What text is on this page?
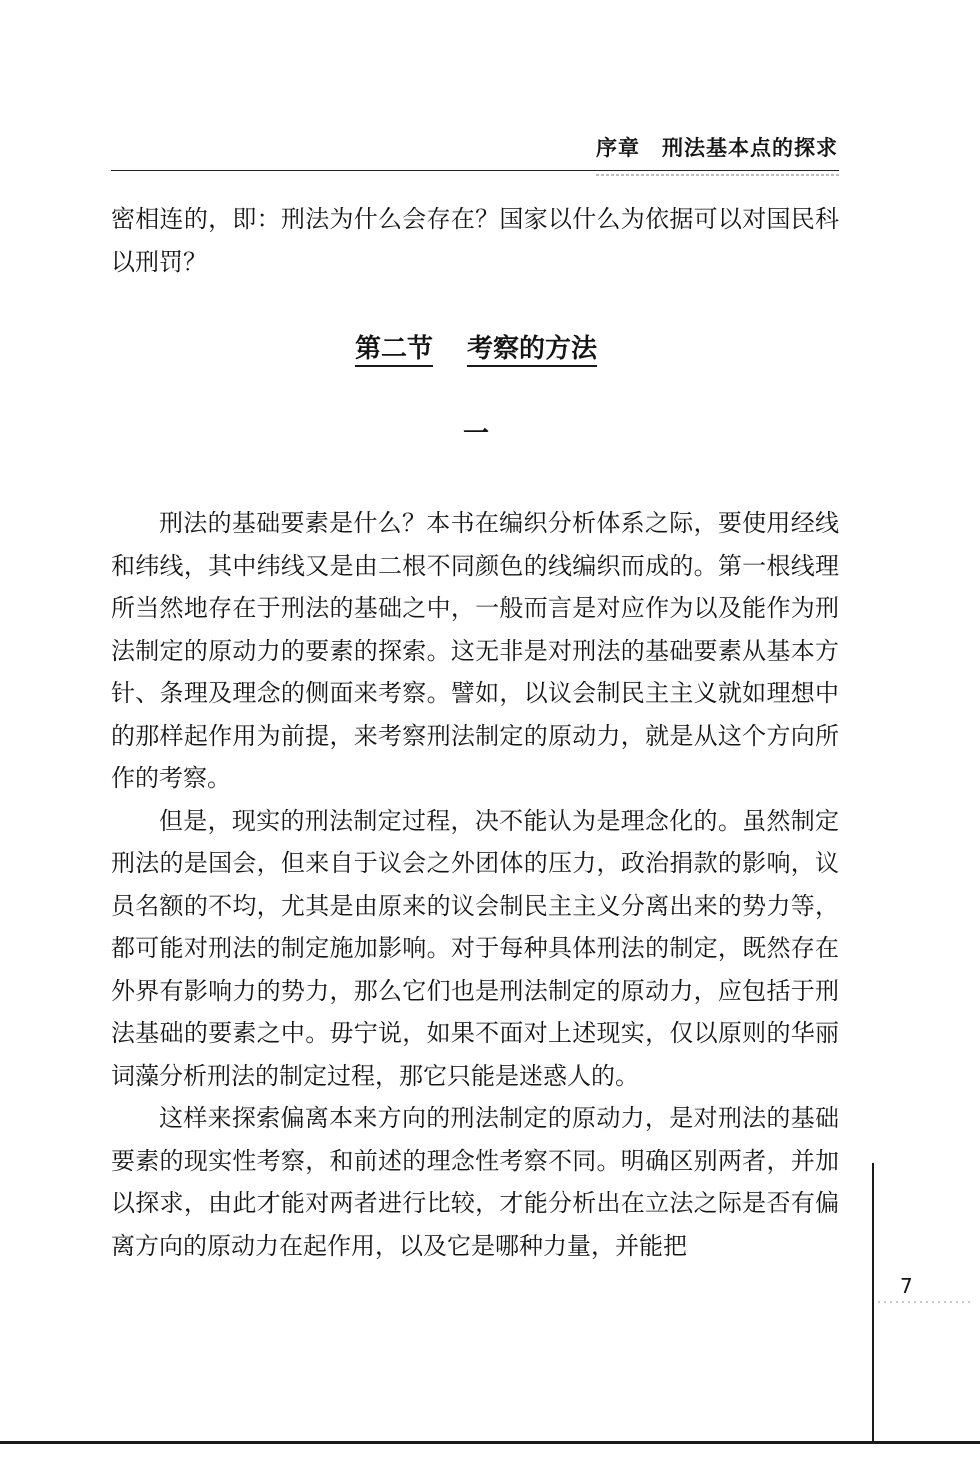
序章 刑法基本点的探求

密相连的，即：刑法为什么会存在？国家以什么为依据可以对国民科以刑罚？

第二节 考察的方法
一

刑法的基础要素是什么？本书在编织分析体系之际，要使用经线和纬线，其中纬线又是由二根不同颜色的线编织而成的。第一根线理所当然地存在于刑法的基础之中，一般而言是对应作为以及能作为刑法制定的原动力的要素的探索。这无非是对刑法的基础要素从基本方针、条理及理念的侧面来考察。譬如，以议会制民主主义就如理想中的那样起作用为前提，来考察刑法制定的原动力，就是从这个方向所作的考察。

但是，现实的刑法制定过程，决不能认为是理念化的。虽然制定刑法的是国会，但来自于议会之外团体的压力，政治捐款的影响，议员名额的不均，尤其是由原来的议会制民主主义分离出来的势力等，都可能对刑法的制定施加影响。对于每种具体刑法的制定，既然存在外界有影响力的势力，那么它们也是刑法制定的原动力，应包括于刑法基础的要素之中。毋宁说，如果不面对上述现实，仅以原则的华丽词藻分析刑法的制定过程，那它只能是迷惑人的。

这样来探索偏离本来方向的刑法制定的原动力，是对刑法的基础要素的现实性考察，和前述的理念性考察不同。明确区别两者，并加以探求，由此才能对两者进行比较，才能分析出在立法之际是否有偏离方向的原动力在起作用，以及它是哪种力量，并能把

7
